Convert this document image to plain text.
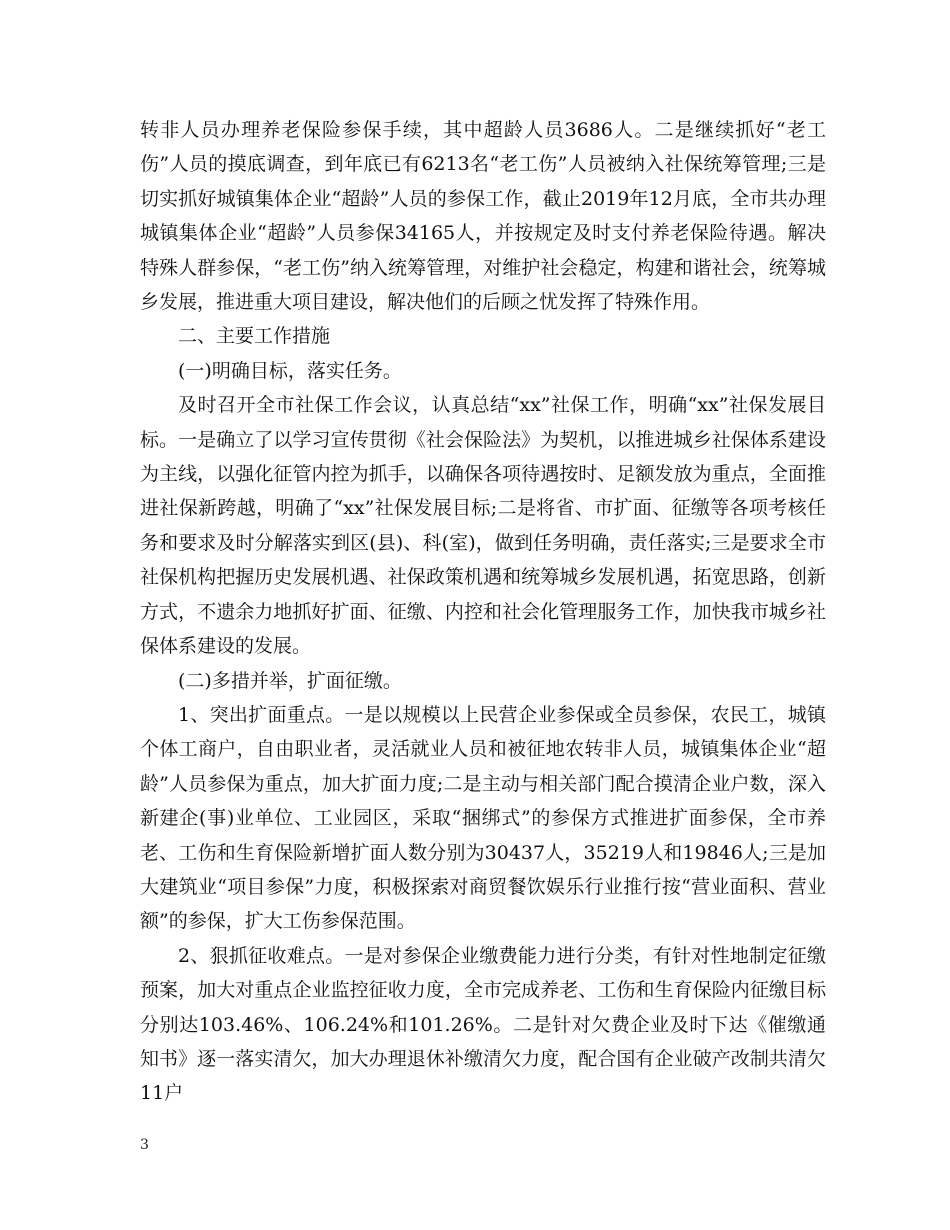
转非人员办理养老保险参保手续，其中超龄人员3686人。二是继续抓好“老工伤”人员的摸底调查，到年底已有6213名“老工伤”人员被纳入社保统筹管理;三是切实抓好城镇集体企业“超龄”人员的参保工作，截止2019年12月底，全市共办理城镇集体企业“超龄”人员参保34165人，并按规定及时支付养老保险待遇。解决特殊人群参保，“老工伤”纳入统筹管理，对维护社会稳定，构建和谐社会，统筹城乡发展，推进重大项目建设，解决他们的后顾之忧发挥了特殊作用。

二、主要工作措施

(一)明确目标，落实任务。

及时召开全市社保工作会议，认真总结“xx”社保工作，明确“xx”社保发展目标。一是确立了以学习宣传贯彻《社会保险法》为契机，以推进城乡社保体系建设为主线，以强化征管内控为抓手，以确保各项待遇按时、足额发放为重点，全面推进社保新跨越，明确了“xx”社保发展目标;二是将省、市扩面、征缴等各项考核任务和要求及时分解落实到区(县)、科(室)，做到任务明确，责任落实;三是要求全市社保机构把握历史发展机遇、社保政策机遇和统筹城乡发展机遇，拓宽思路，创新方式，不遗余力地抓好扩面、征缴、内控和社会化管理服务工作，加快我市城乡社保体系建设的发展。

(二)多措并举，扩面征缴。

1、突出扩面重点。一是以规模以上民营企业参保或全员参保，农民工，城镇个体工商户，自由职业者，灵活就业人员和被征地农转非人员，城镇集体企业“超龄”人员参保为重点，加大扩面力度;二是主动与相关部门配合摸清企业户数，深入新建企(事)业单位、工业园区，采取“捆绑式”的参保方式推进扩面参保，全市养老、工伤和生育保险新增扩面人数分别为30437人，35219人和19846人;三是加大建筑业“项目参保”力度，积极探索对商贸餐饮娱乐行业推行按“营业面积、营业额”的参保，扩大工伤参保范围。

2、狠抓征收难点。一是对参保企业缴费能力进行分类，有针对性地制定征缴预案，加大对重点企业监控征收力度，全市完成养老、工伤和生育保险内征缴目标分别达103.46%、106.24%和101.26%。二是针对欠费企业及时下达《催缴通知书》逐一落实清欠，加大办理退休补缴清欠力度，配合国有企业破产改制共清欠11户

3
